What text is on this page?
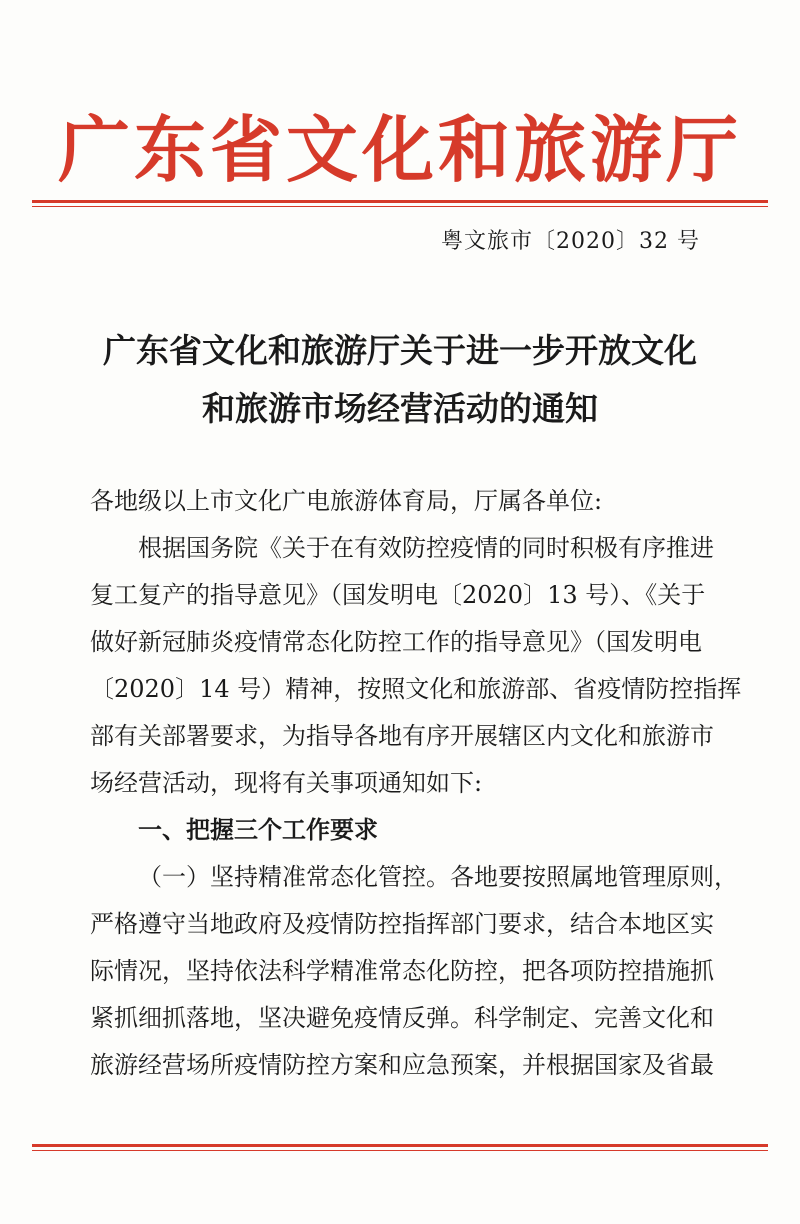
广东省文化和旅游厅
粤文旅市〔2020〕32 号
广东省文化和旅游厅关于进一步开放文化
和旅游市场经营活动的通知
各地级以上市文化广电旅游体育局，厅属各单位:
根据国务院《关于在有效防控疫情的同时积极有序推进
复工复产的指导意见》（国发明电〔2020〕13 号）、《关于
做好新冠肺炎疫情常态化防控工作的指导意见》（国发明电
〔2020〕14 号）精神，按照文化和旅游部、省疫情防控指挥
部有关部署要求，为指导各地有序开展辖区内文化和旅游市
场经营活动，现将有关事项通知如下:
一、把握三个工作要求
（一）坚持精准常态化管控。各地要按照属地管理原则，
严格遵守当地政府及疫情防控指挥部门要求，结合本地区实
际情况，坚持依法科学精准常态化防控，把各项防控措施抓
紧抓细抓落地，坚决避免疫情反弹。科学制定、完善文化和
旅游经营场所疫情防控方案和应急预案，并根据国家及省最
